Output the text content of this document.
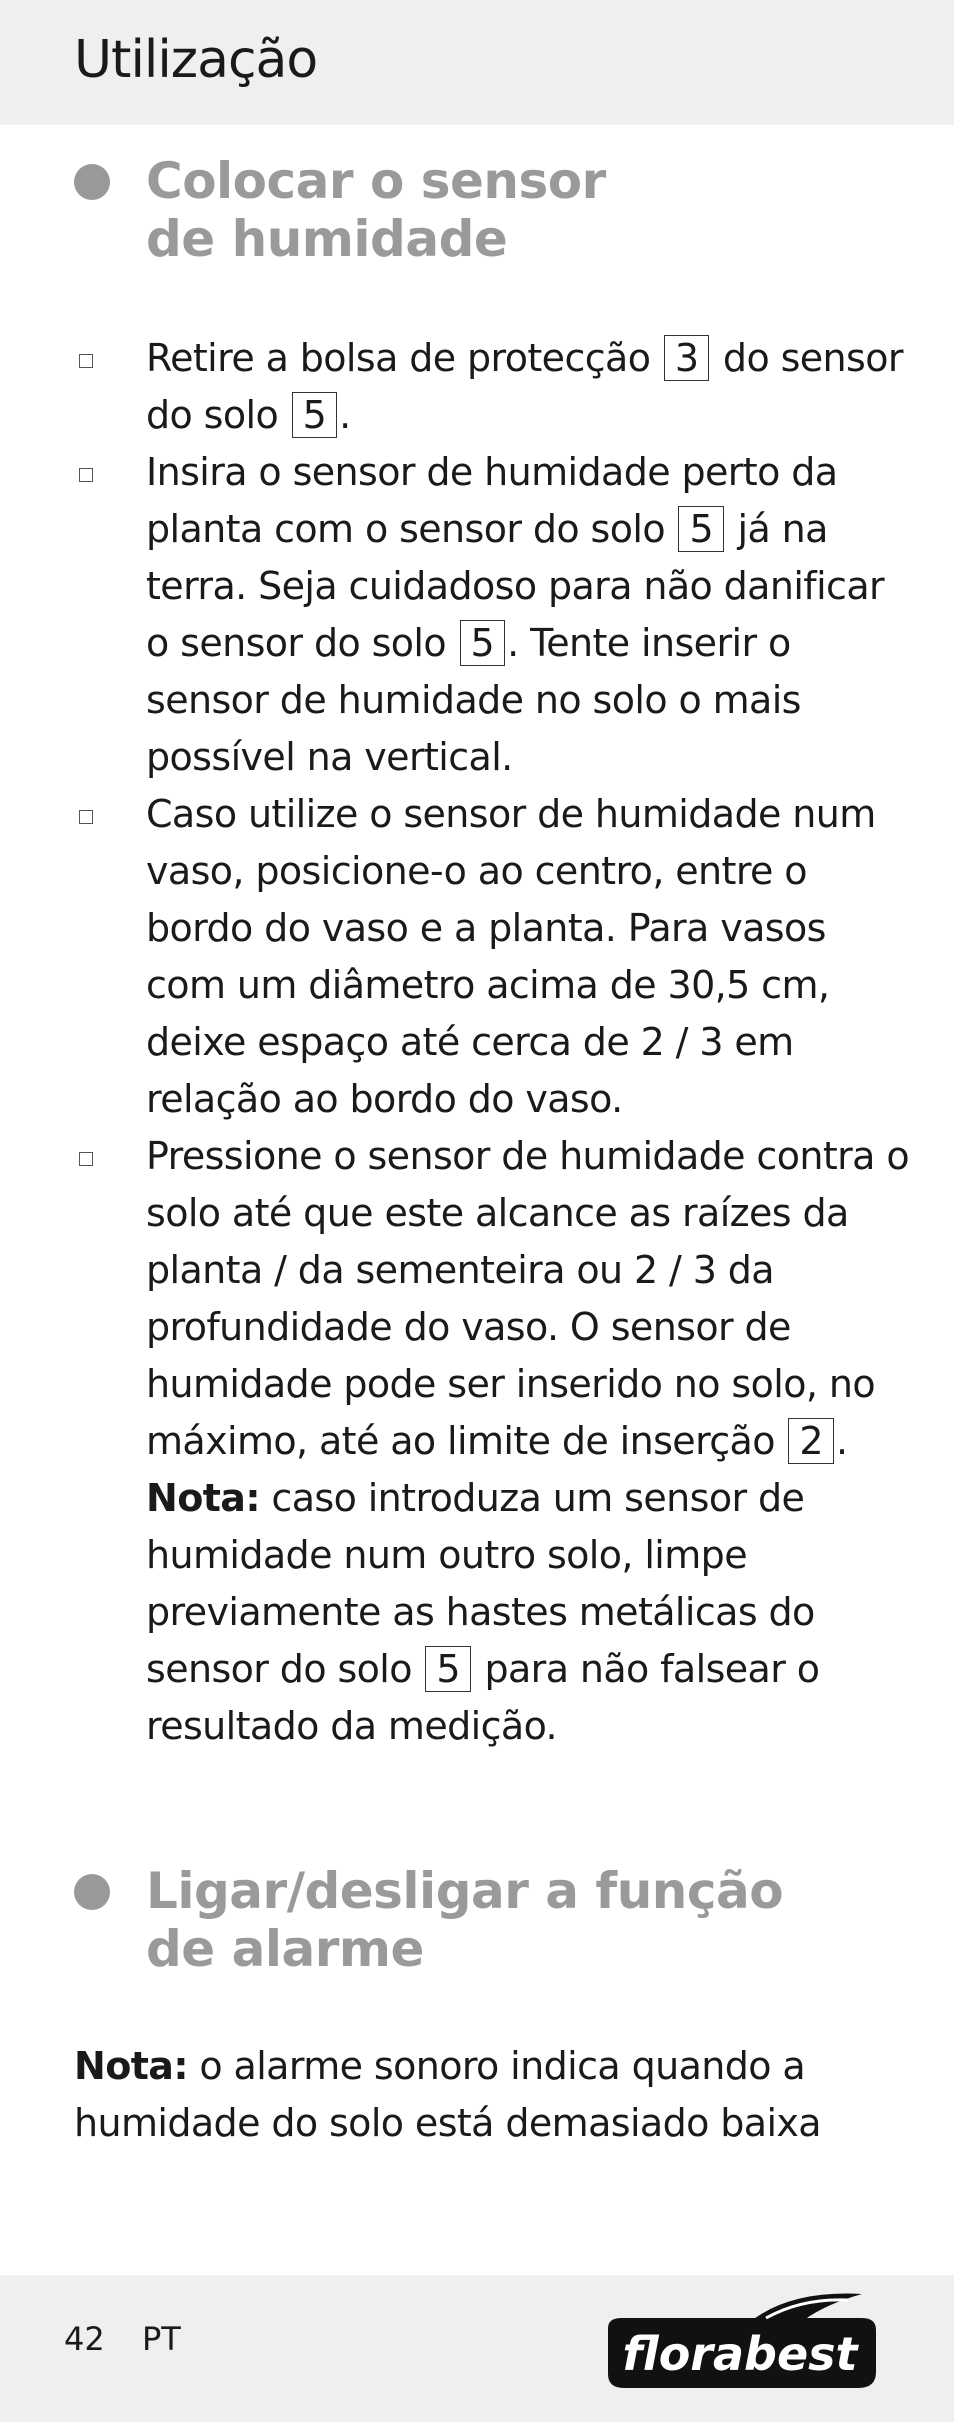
Utilização
Colocar o sensor
de humidade
Retire a bolsa de protecção 3 do sensor do solo 5 .
Insira o sensor de humidade perto da planta com o sensor do solo 5 já na terra. Seja cuidadoso para não danificar o sensor do solo 5 . Tente inserir o sensor de humidade no solo o mais possível na vertical.
Caso utilize o sensor de humidade num vaso, posicione-o ao centro, entre o bordo do vaso e a planta. Para vasos com um diâmetro acima de 30,5 cm, deixe espaço até cerca de 2 / 3 em relação ao bordo do vaso.
Pressione o sensor de humidade contra o solo até que este alcance as raízes da planta / da sementeira ou 2 / 3 da profundidade do vaso. O sensor de humidade pode ser inserido no solo, no máximo, até ao limite de inserção 2 .
Nota: caso introduza um sensor de humidade num outro solo, limpe previamente as hastes metálicas do sensor do solo 5 para não falsear o resultado da medição.
Ligar/desligar a função
de alarme
Nota: o alarme sonoro indica quando a humidade do solo está demasiado baixa
42 PT	florabest
